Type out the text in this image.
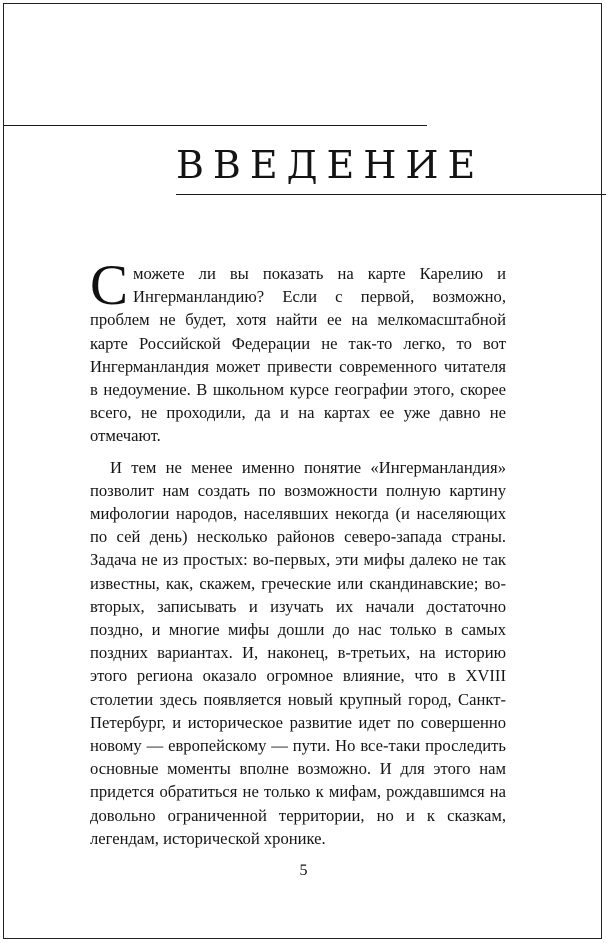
ВВЕДЕНИЕ

Сможете ли вы показать на карте Карелию и Ингерманландию? Если с первой, возможно, проблем не будет, хотя найти ее на мелкомасштабной карте Российской Федерации не так-то легко, то вот Ингерманландия может привести современного читателя в недоумение. В школьном курсе географии этого, скорее всего, не проходили, да и на картах ее уже давно не отмечают.

И тем не менее именно понятие «Ингерманландия» позволит нам создать по возможности полную картину мифологии народов, населявших некогда (и населяющих по сей день) несколько районов северо-запада страны. Задача не из простых: во-первых, эти мифы далеко не так известны, как, скажем, греческие или скандинавские; во-вторых, записывать и изучать их начали достаточно поздно, и многие мифы дошли до нас только в самых поздних вариантах. И, наконец, в-третьих, на историю этого региона оказало огромное влияние, что в XVIII столетии здесь появляется новый крупный город, Санкт-Петербург, и историческое развитие идет по совершенно новому — европейскому — пути. Но все-таки проследить основные моменты вполне возможно. И для этого нам придется обратиться не только к мифам, рождавшимся на довольно ограниченной территории, но и к сказкам, легендам, исторической хронике.

5
